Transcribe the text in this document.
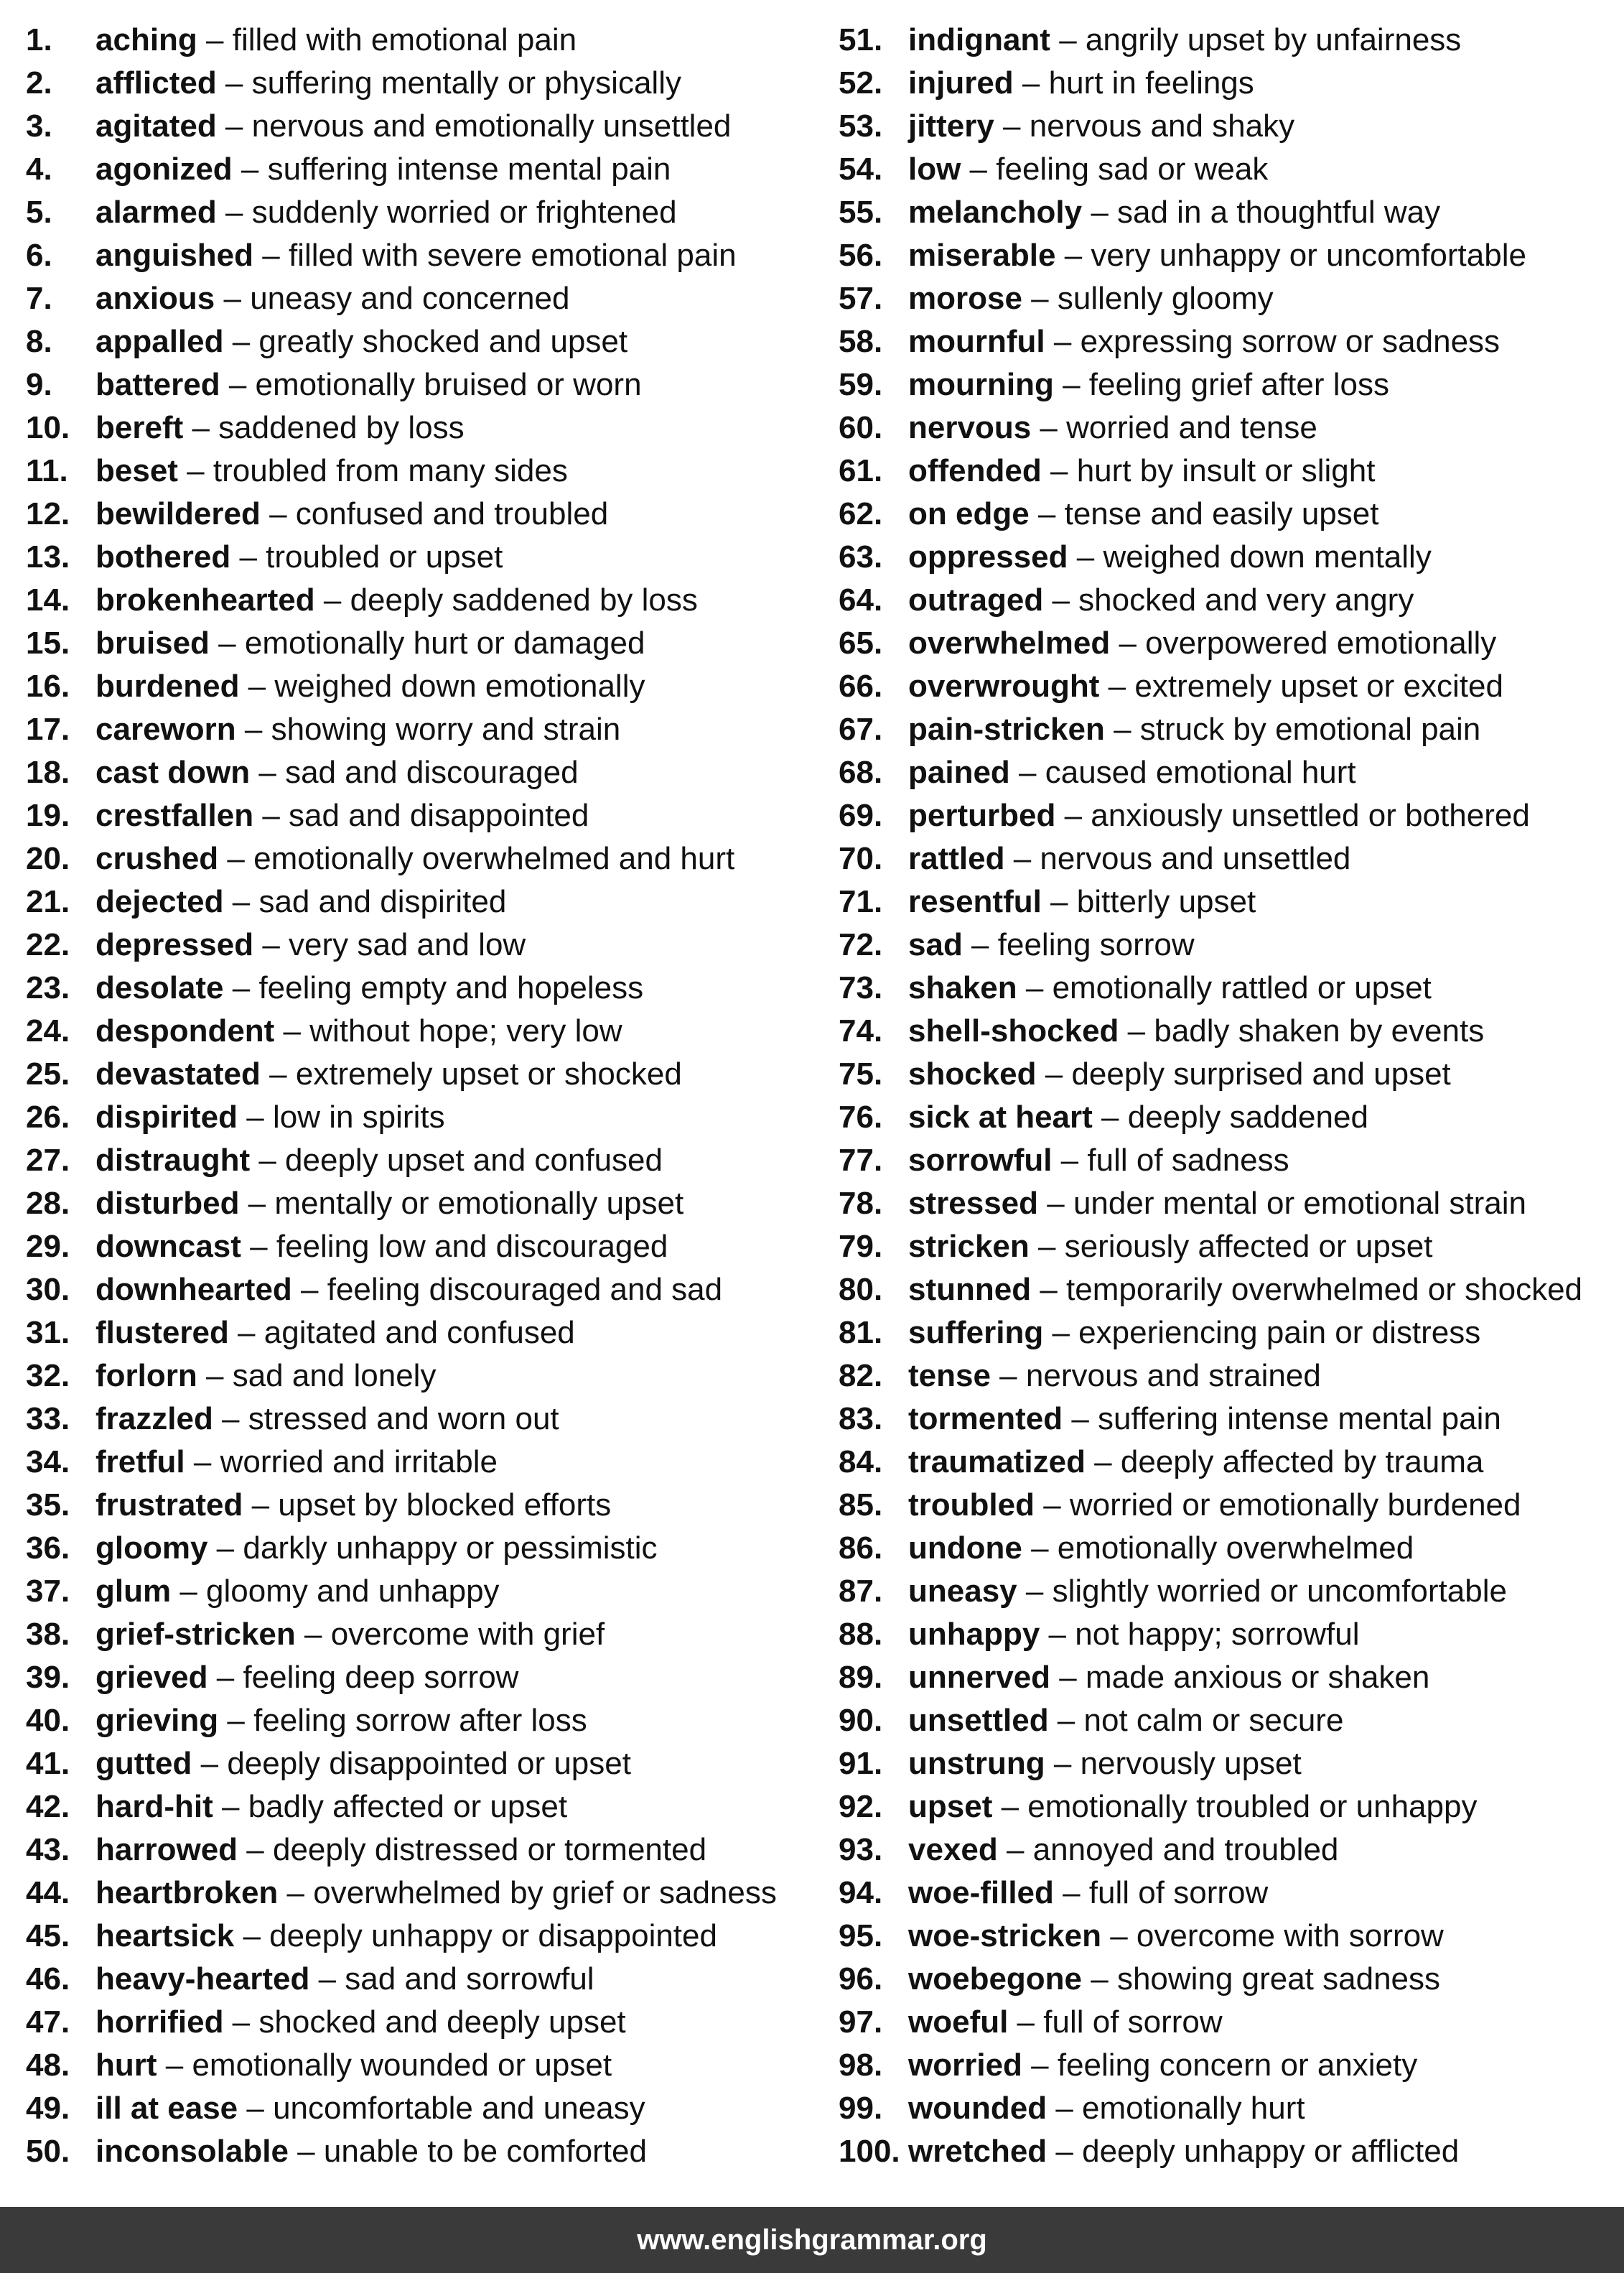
1. aching – filled with emotional pain
2. afflicted – suffering mentally or physically
3. agitated – nervous and emotionally unsettled
4. agonized – suffering intense mental pain
5. alarmed – suddenly worried or frightened
6. anguished – filled with severe emotional pain
7. anxious – uneasy and concerned
8. appalled – greatly shocked and upset
9. battered – emotionally bruised or worn
10. bereft – saddened by loss
11. beset – troubled from many sides
12. bewildered – confused and troubled
13. bothered – troubled or upset
14. brokenhearted – deeply saddened by loss
15. bruised – emotionally hurt or damaged
16. burdened – weighed down emotionally
17. careworn – showing worry and strain
18. cast down – sad and discouraged
19. crestfallen – sad and disappointed
20. crushed – emotionally overwhelmed and hurt
21. dejected – sad and dispirited
22. depressed – very sad and low
23. desolate – feeling empty and hopeless
24. despondent – without hope; very low
25. devastated – extremely upset or shocked
26. dispirited – low in spirits
27. distraught – deeply upset and confused
28. disturbed – mentally or emotionally upset
29. downcast – feeling low and discouraged
30. downhearted – feeling discouraged and sad
31. flustered – agitated and confused
32. forlorn – sad and lonely
33. frazzled – stressed and worn out
34. fretful – worried and irritable
35. frustrated – upset by blocked efforts
36. gloomy – darkly unhappy or pessimistic
37. glum – gloomy and unhappy
38. grief-stricken – overcome with grief
39. grieved – feeling deep sorrow
40. grieving – feeling sorrow after loss
41. gutted – deeply disappointed or upset
42. hard-hit – badly affected or upset
43. harrowed – deeply distressed or tormented
44. heartbroken – overwhelmed by grief or sadness
45. heartsick – deeply unhappy or disappointed
46. heavy-hearted – sad and sorrowful
47. horrified – shocked and deeply upset
48. hurt – emotionally wounded or upset
49. ill at ease – uncomfortable and uneasy
50. inconsolable – unable to be comforted
51. indignant – angrily upset by unfairness
52. injured – hurt in feelings
53. jittery – nervous and shaky
54. low – feeling sad or weak
55. melancholy – sad in a thoughtful way
56. miserable – very unhappy or uncomfortable
57. morose – sullenly gloomy
58. mournful – expressing sorrow or sadness
59. mourning – feeling grief after loss
60. nervous – worried and tense
61. offended – hurt by insult or slight
62. on edge – tense and easily upset
63. oppressed – weighed down mentally
64. outraged – shocked and very angry
65. overwhelmed – overpowered emotionally
66. overwrought – extremely upset or excited
67. pain-stricken – struck by emotional pain
68. pained – caused emotional hurt
69. perturbed – anxiously unsettled or bothered
70. rattled – nervous and unsettled
71. resentful – bitterly upset
72. sad – feeling sorrow
73. shaken – emotionally rattled or upset
74. shell-shocked – badly shaken by events
75. shocked – deeply surprised and upset
76. sick at heart – deeply saddened
77. sorrowful – full of sadness
78. stressed – under mental or emotional strain
79. stricken – seriously affected or upset
80. stunned – temporarily overwhelmed or shocked
81. suffering – experiencing pain or distress
82. tense – nervous and strained
83. tormented – suffering intense mental pain
84. traumatized – deeply affected by trauma
85. troubled – worried or emotionally burdened
86. undone – emotionally overwhelmed
87. uneasy – slightly worried or uncomfortable
88. unhappy – not happy; sorrowful
89. unnerved – made anxious or shaken
90. unsettled – not calm or secure
91. unstrung – nervously upset
92. upset – emotionally troubled or unhappy
93. vexed – annoyed and troubled
94. woe-filled – full of sorrow
95. woe-stricken – overcome with sorrow
96. woebegone – showing great sadness
97. woeful – full of sorrow
98. worried – feeling concern or anxiety
99. wounded – emotionally hurt
100. wretched – deeply unhappy or afflicted
www.englishgrammar.org
